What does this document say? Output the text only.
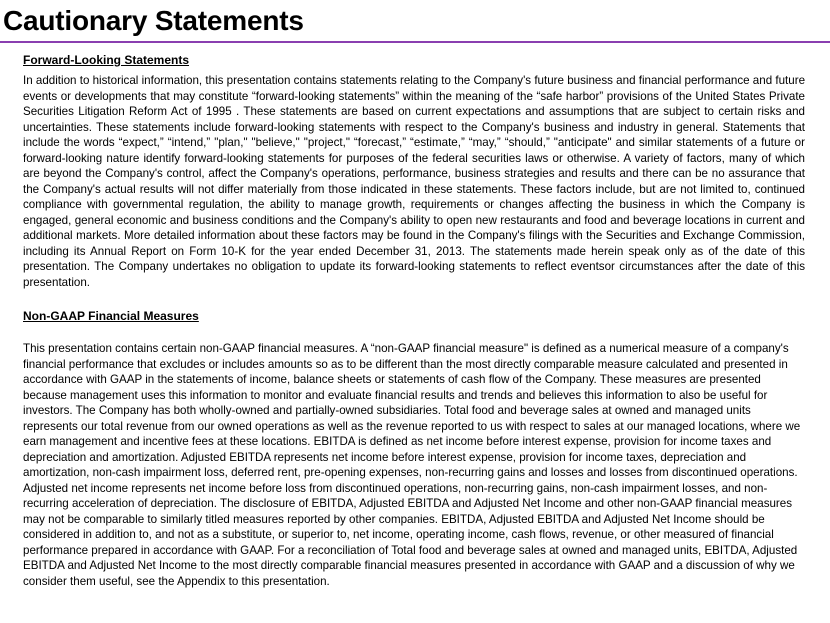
Cautionary Statements
Forward-Looking Statements

In addition to historical information, this presentation contains statements relating to the Company's future business and financial performance and future events or developments that may constitute “forward-looking statements” within the meaning of the “safe harbor” provisions of the United States Private Securities Litigation Reform Act of 1995 . These statements are based on current expectations and assumptions that are subject to certain risks and uncertainties. These statements include forward-looking statements with respect to the Company's business and industry in general. Statements that include the words “expect,” “intend,” "plan," "believe," "project," “forecast,” “estimate,” “may,” “should,” "anticipate" and similar statements of a future or forward-looking nature identify forward-looking statements for purposes of the federal securities laws or otherwise. A variety of factors, many of which are beyond the Company's control, affect the Company's operations, performance, business strategies and results and there can be no assurance that the Company's actual results will not differ materially from those indicated in these statements. These factors include, but are not limited to, continued compliance with governmental regulation, the ability to manage growth, requirements or changes affecting the business in which the Company is engaged, general economic and business conditions and the Company's ability to open new restaurants and food and beverage locations in current and additional markets. More detailed information about these factors may be found in the Company's filings with the Securities and Exchange Commission, including its Annual Report on Form 10-K for the year ended December 31, 2013. The statements made herein speak only as of the date of this presentation. The Company undertakes no obligation to update its forward-looking statements to reflect eventsor circumstances after the date of this presentation.

Non-GAAP Financial Measures

This presentation contains certain non-GAAP financial measures. A “non-GAAP financial measure" is defined as a numerical measure of a company's financial performance that excludes or includes amounts so as to be different than the most directly comparable measure calculated and presented in accordance with GAAP in the statements of income, balance sheets or statements of cash flow of the Company. These measures are presented because management uses this information to monitor and evaluate financial results and trends and believes this information to also be useful for investors. The Company has both wholly-owned and partially-owned subsidiaries. Total food and beverage sales at owned and managed units represents our total revenue from our owned operations as well as the revenue reported to us with respect to sales at our managed locations, where we earn management and incentive fees at these locations. EBITDA is defined as net income before interest expense, provision for income taxes and depreciation and amortization. Adjusted EBITDA represents net income before interest expense, provision for income taxes, depreciation and amortization, non-cash impairment loss, deferred rent, pre-opening expenses, non-recurring gains and losses and losses from discontinued operations. Adjusted net income represents net income before loss from discontinued operations, non-recurring gains, non-cash impairment losses, and non-recurring acceleration of depreciation. The disclosure of EBITDA, Adjusted EBITDA and Adjusted Net Income and other non-GAAP financial measures may not be comparable to similarly titled measures reported by other companies. EBITDA, Adjusted EBITDA and Adjusted Net Income should be considered in addition to, and not as a substitute, or superior to, net income, operating income, cash flows, revenue, or other measured of financial performance prepared in accordance with GAAP. For a reconciliation of Total food and beverage sales at owned and managed units, EBITDA, Adjusted EBITDA and Adjusted Net Income to the most directly comparable financial measures presented in accordance with GAAP and a discussion of why we consider them useful, see the Appendix to this presentation.
